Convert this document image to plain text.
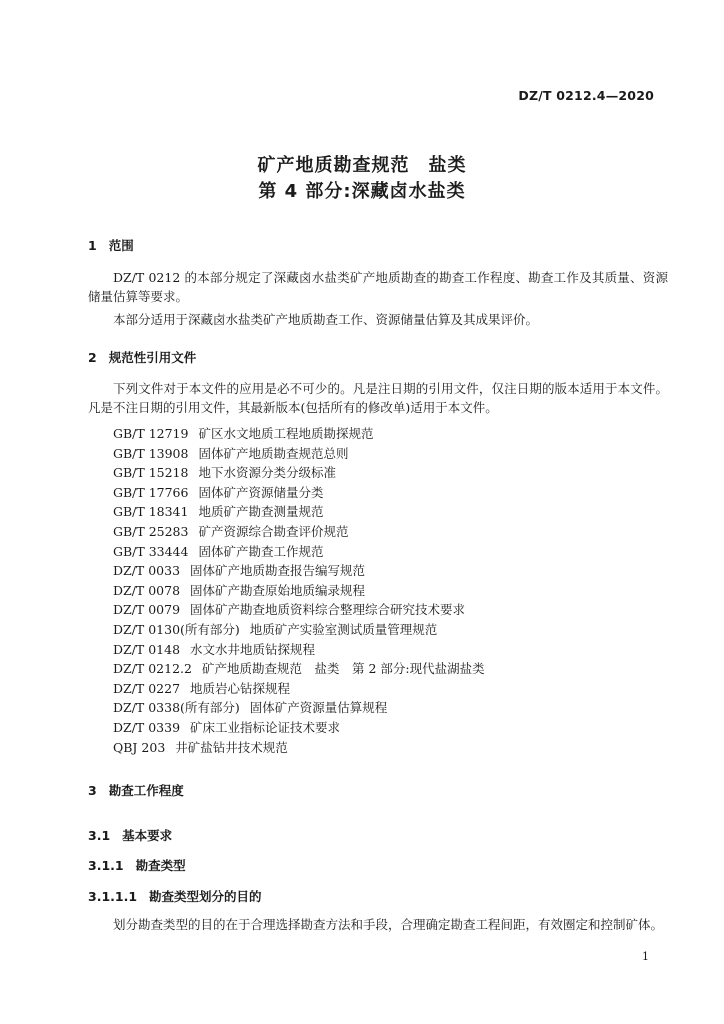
DZ/T 0212.4—2020
矿产地质勘查规范　盐类
第 4 部分:深藏卤水盐类
1 范围
DZ/T 0212 的本部分规定了深藏卤水盐类矿产地质勘查的勘查工作程度、勘查工作及其质量、资源储量估算等要求。
本部分适用于深藏卤水盐类矿产地质勘查工作、资源储量估算及其成果评价。
2 规范性引用文件
下列文件对于本文件的应用是必不可少的。凡是注日期的引用文件，仅注日期的版本适用于本文件。凡是不注日期的引用文件，其最新版本(包括所有的修改单)适用于本文件。
GB/T 12719 矿区水文地质工程地质勘探规范
GB/T 13908 固体矿产地质勘查规范总则
GB/T 15218 地下水资源分类分级标准
GB/T 17766 固体矿产资源储量分类
GB/T 18341 地质矿产勘查测量规范
GB/T 25283 矿产资源综合勘查评价规范
GB/T 33444 固体矿产勘查工作规范
DZ/T 0033 固体矿产地质勘查报告编写规范
DZ/T 0078 固体矿产勘查原始地质编录规程
DZ/T 0079 固体矿产勘查地质资料综合整理综合研究技术要求
DZ/T 0130(所有部分) 地质矿产实验室测试质量管理规范
DZ/T 0148 水文水井地质钻探规程
DZ/T 0212.2 矿产地质勘查规范　盐类　第 2 部分:现代盐湖盐类
DZ/T 0227 地质岩心钻探规程
DZ/T 0338(所有部分) 固体矿产资源量估算规程
DZ/T 0339 矿床工业指标论证技术要求
QBJ 203 井矿盐钻井技术规范
3 勘查工作程度
3.1 基本要求
3.1.1 勘查类型
3.1.1.1 勘查类型划分的目的
划分勘查类型的目的在于合理选择勘查方法和手段，合理确定勘查工程间距，有效圈定和控制矿体。
1
